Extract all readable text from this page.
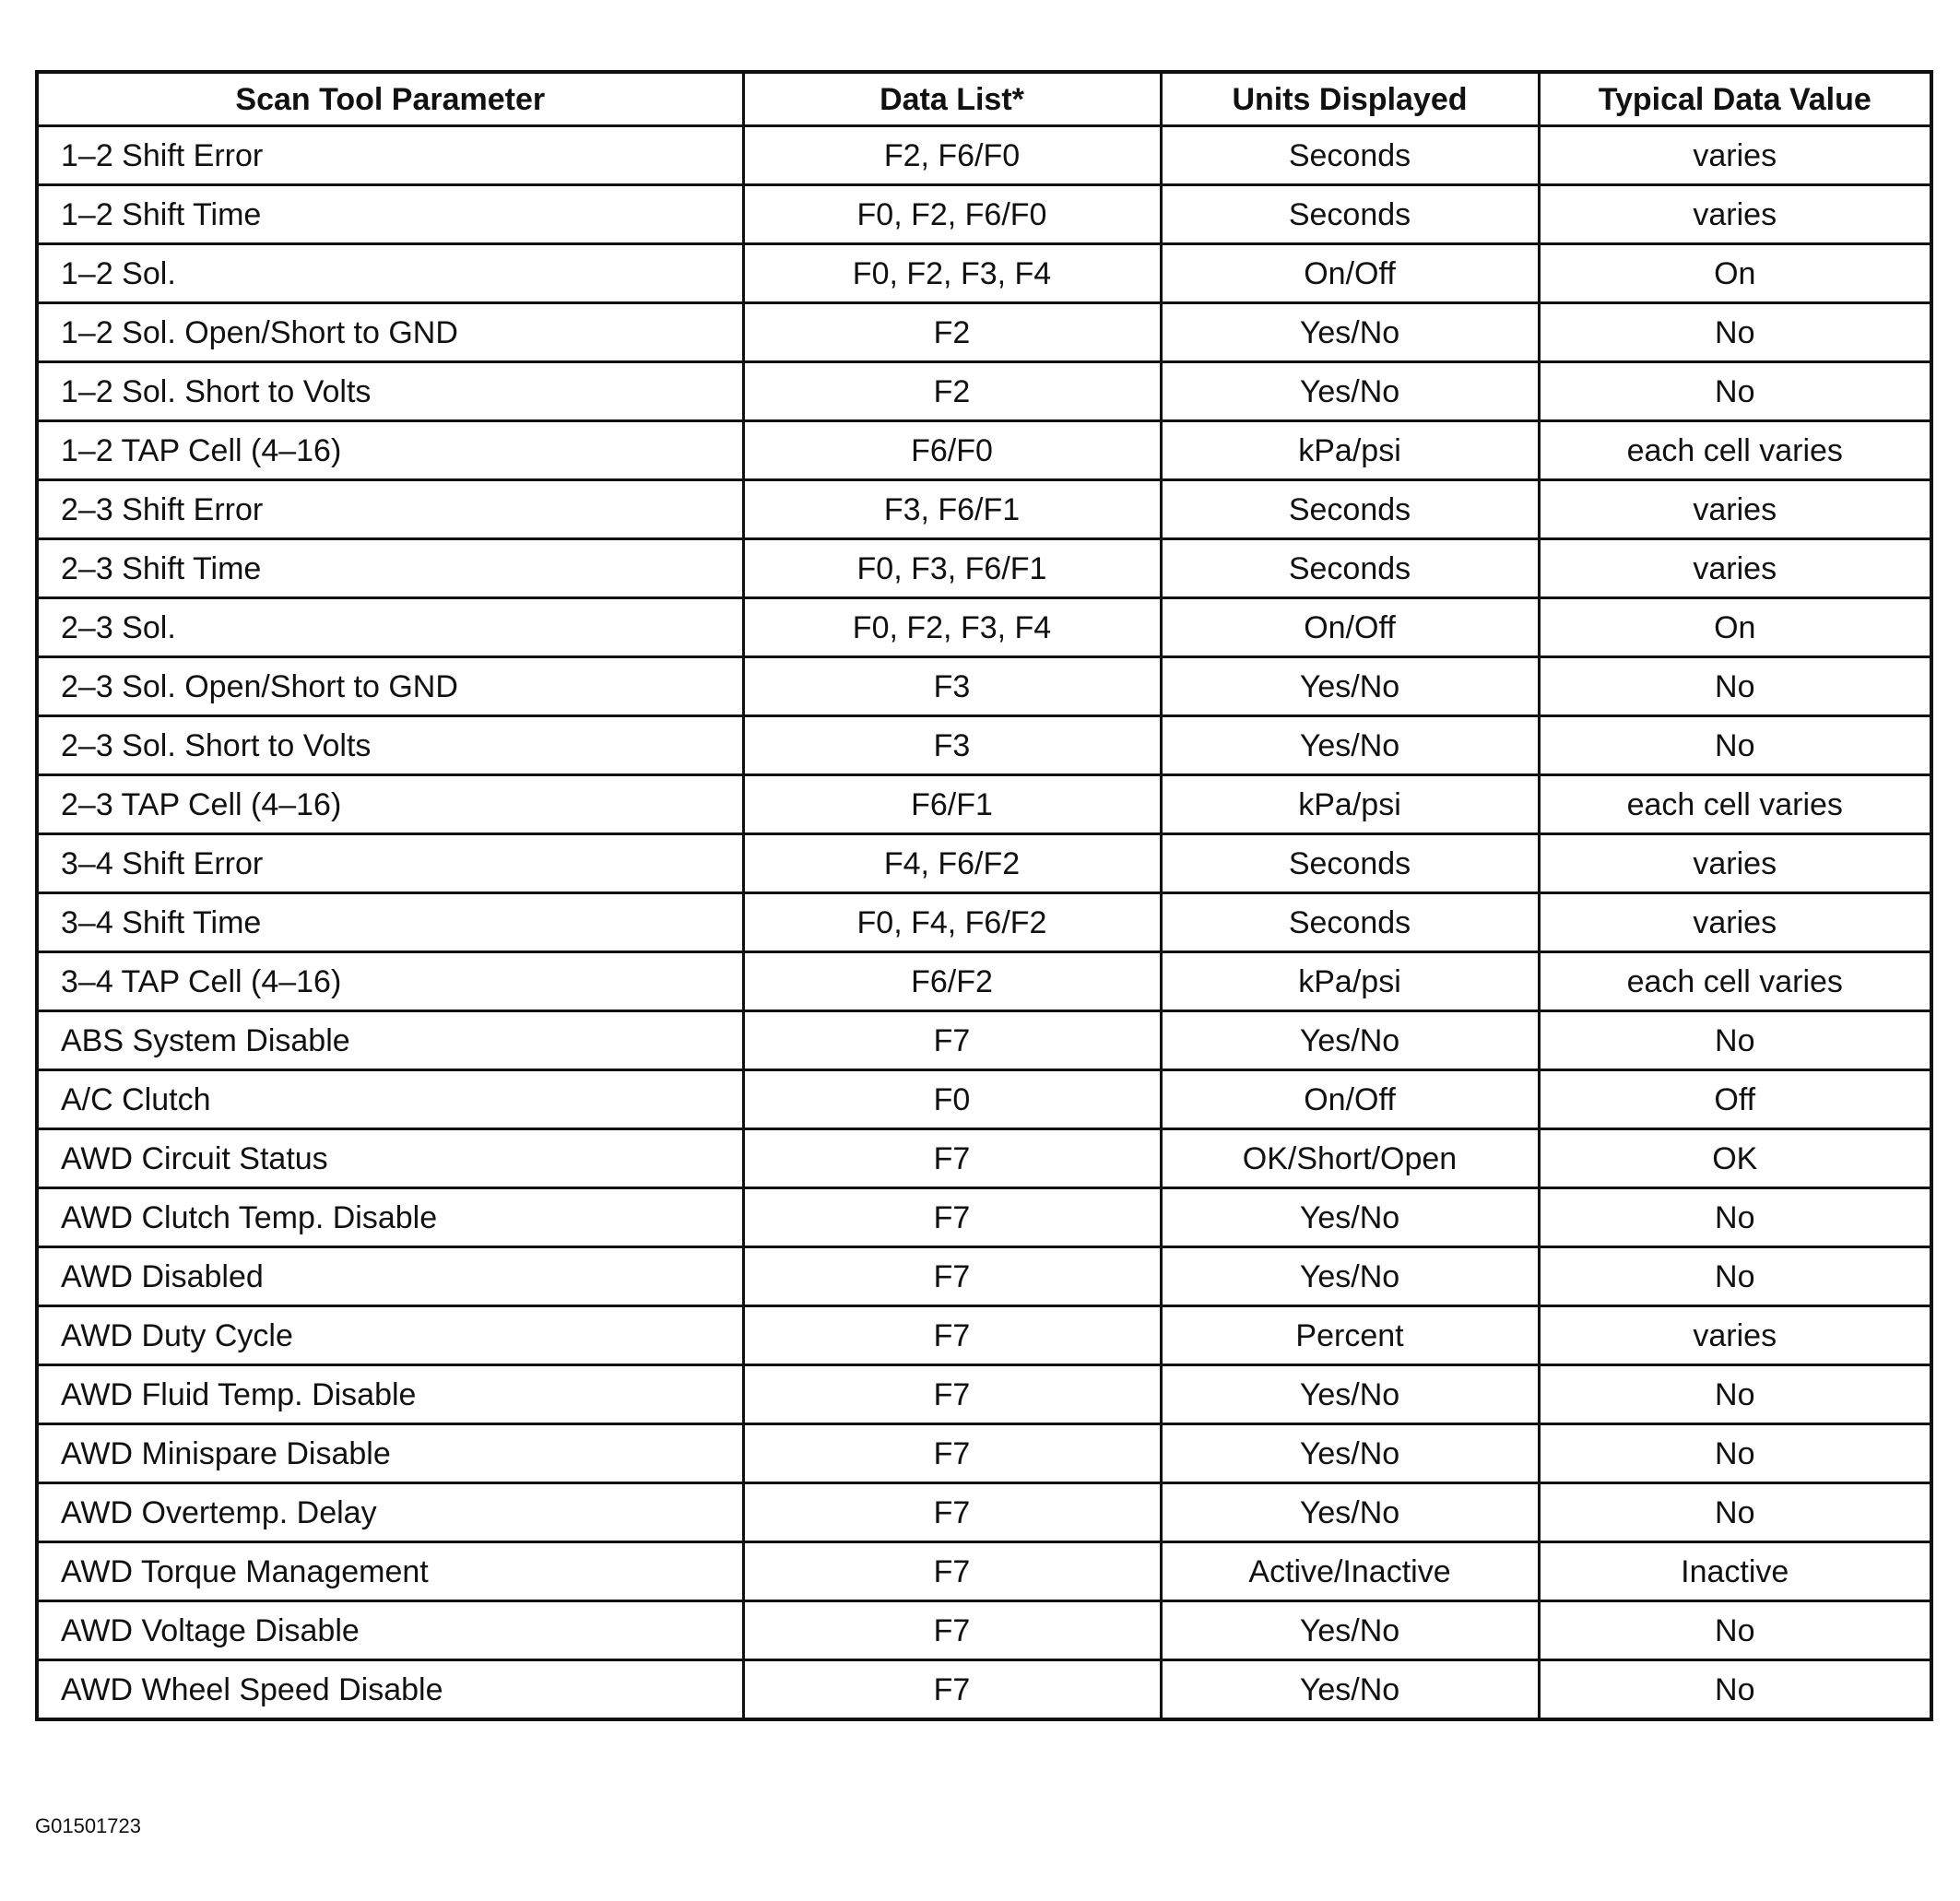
Scan Tool Parameter	Data List*	Units Displayed	Typical Data Value
1–2 Shift Error	F2, F6/F0	Seconds	varies
1–2 Shift Time	F0, F2, F6/F0	Seconds	varies
1–2 Sol.	F0, F2, F3, F4	On/Off	On
1–2 Sol. Open/Short to GND	F2	Yes/No	No
1–2 Sol. Short to Volts	F2	Yes/No	No
1–2 TAP Cell (4–16)	F6/F0	kPa/psi	each cell varies
2–3 Shift Error	F3, F6/F1	Seconds	varies
2–3 Shift Time	F0, F3, F6/F1	Seconds	varies
2–3 Sol.	F0, F2, F3, F4	On/Off	On
2–3 Sol. Open/Short to GND	F3	Yes/No	No
2–3 Sol. Short to Volts	F3	Yes/No	No
2–3 TAP Cell (4–16)	F6/F1	kPa/psi	each cell varies
3–4 Shift Error	F4, F6/F2	Seconds	varies
3–4 Shift Time	F0, F4, F6/F2	Seconds	varies
3–4 TAP Cell (4–16)	F6/F2	kPa/psi	each cell varies
ABS System Disable	F7	Yes/No	No
A/C Clutch	F0	On/Off	Off
AWD Circuit Status	F7	OK/Short/Open	OK
AWD Clutch Temp. Disable	F7	Yes/No	No
AWD Disabled	F7	Yes/No	No
AWD Duty Cycle	F7	Percent	varies
AWD Fluid Temp. Disable	F7	Yes/No	No
AWD Minispare Disable	F7	Yes/No	No
AWD Overtemp. Delay	F7	Yes/No	No
AWD Torque Management	F7	Active/Inactive	Inactive
AWD Voltage Disable	F7	Yes/No	No
AWD Wheel Speed Disable	F7	Yes/No	No
G01501723
